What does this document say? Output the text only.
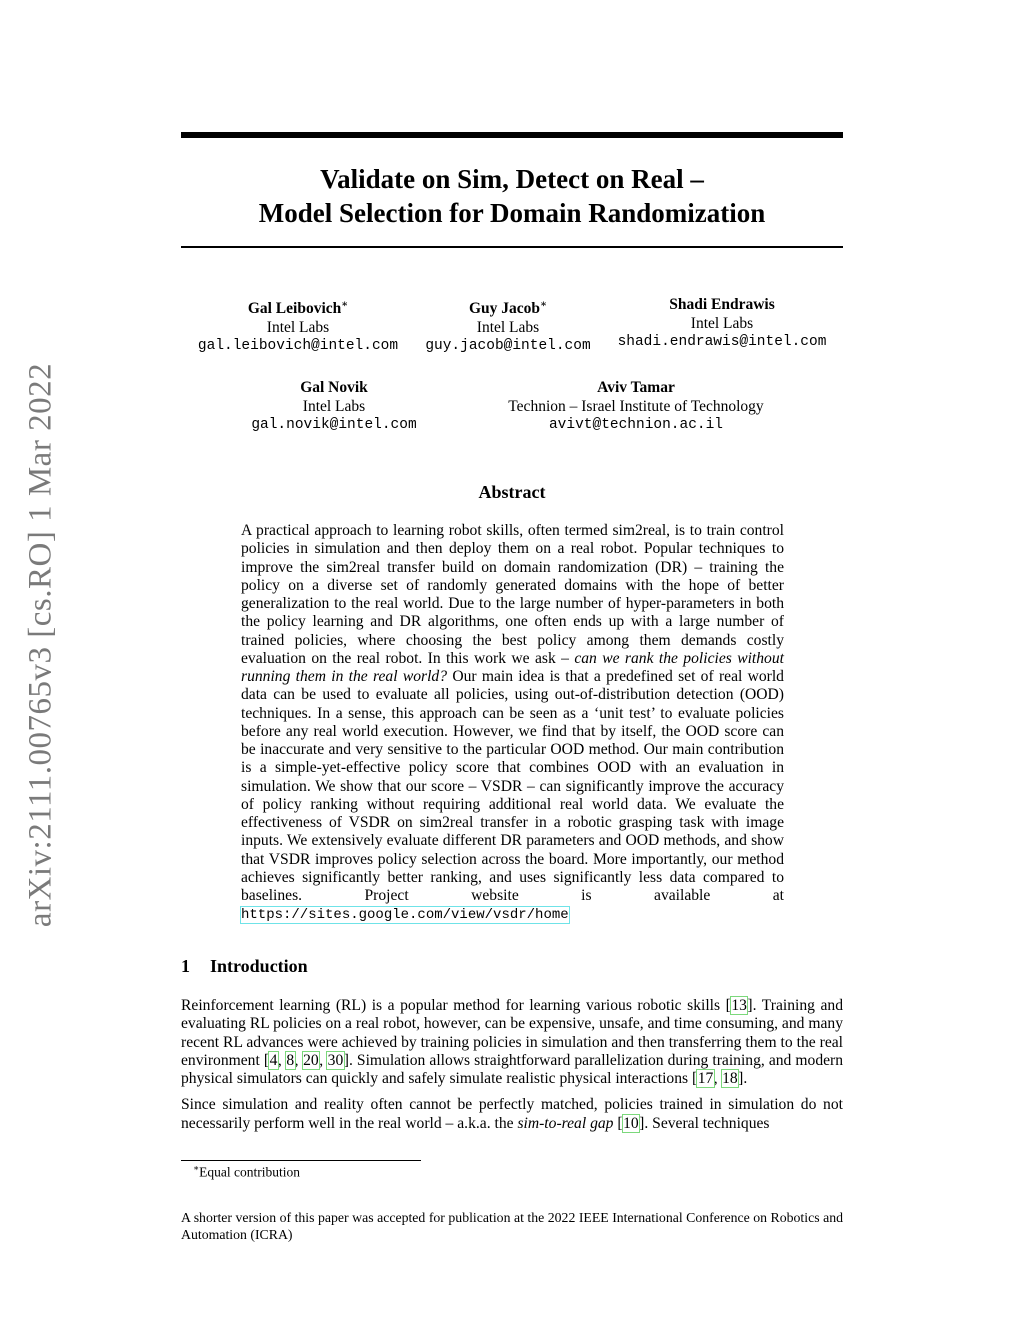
arXiv:2111.00765v3 [cs.RO] 1 Mar 2022
Validate on Sim, Detect on Real –
Model Selection for Domain Randomization
Gal Leibovich∗
Intel Labs
gal.leibovich@intel.com
Guy Jacob∗
Intel Labs
guy.jacob@intel.com
Shadi Endrawis
Intel Labs
shadi.endrawis@intel.com
Gal Novik
Intel Labs
gal.novik@intel.com
Aviv Tamar
Technion – Israel Institute of Technology
avivt@technion.ac.il
Abstract
A practical approach to learning robot skills, often termed sim2real, is to train control policies in simulation and then deploy them on a real robot. Popular techniques to improve the sim2real transfer build on domain randomization (DR) – training the policy on a diverse set of randomly generated domains with the hope of better generalization to the real world. Due to the large number of hyper-parameters in both the policy learning and DR algorithms, one often ends up with a large number of trained policies, where choosing the best policy among them demands costly evaluation on the real robot. In this work we ask – can we rank the policies without running them in the real world? Our main idea is that a predefined set of real world data can be used to evaluate all policies, using out-of-distribution detection (OOD) techniques. In a sense, this approach can be seen as a ‘unit test’ to evaluate policies before any real world execution. However, we find that by itself, the OOD score can be inaccurate and very sensitive to the particular OOD method. Our main contribution is a simple-yet-effective policy score that combines OOD with an evaluation in simulation. We show that our score – VSDR – can significantly improve the accuracy of policy ranking without requiring additional real world data. We evaluate the effectiveness of VSDR on sim2real transfer in a robotic grasping task with image inputs. We extensively evaluate different DR parameters and OOD methods, and show that VSDR improves policy selection across the board. More importantly, our method achieves significantly better ranking, and uses significantly less data compared to baselines. Project website is available at https://sites.google.com/view/vsdr/home
1 Introduction

Reinforcement learning (RL) is a popular method for learning various robotic skills [13]. Training and evaluating RL policies on a real robot, however, can be expensive, unsafe, and time consuming, and many recent RL advances were achieved by training policies in simulation and then transferring them to the real environment [4, 8, 20, 30]. Simulation allows straightforward parallelization during training, and modern physical simulators can quickly and safely simulate realistic physical interactions [17, 18].

Since simulation and reality often cannot be perfectly matched, policies trained in simulation do not necessarily perform well in the real world – a.k.a. the sim-to-real gap [10]. Several techniques

∗Equal contribution
A shorter version of this paper was accepted for publication at the 2022 IEEE International Conference on Robotics and Automation (ICRA)
